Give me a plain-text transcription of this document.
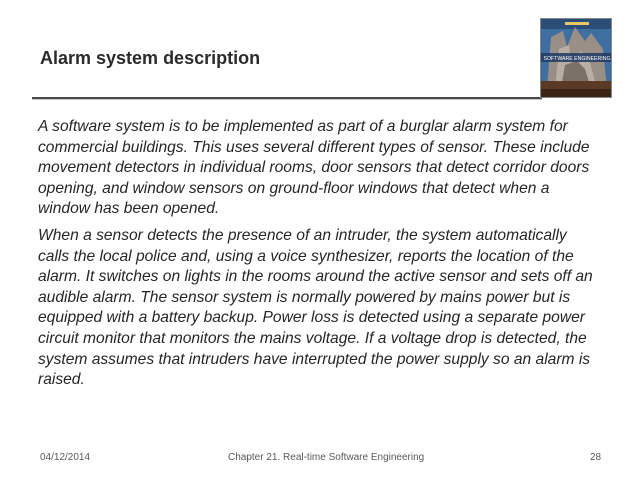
Alarm system description	SOFTWARE ENGINEERING

A software system is to be implemented as part of a burglar alarm system for commercial buildings. This uses several different types of sensor. These include movement detectors in individual rooms, door sensors that detect corridor doors opening, and window sensors on ground-floor windows that detect when a window has been opened.

When a sensor detects the presence of an intruder, the system automatically calls the local police and, using a voice synthesizer, reports the location of the alarm. It switches on lights in the rooms around the active sensor and sets off an audible alarm. The sensor system is normally powered by mains power but is equipped with a battery backup. Power loss is detected using a separate power circuit monitor that monitors the mains voltage. If a voltage drop is detected, the system assumes that intruders have interrupted the power supply so an alarm is raised.

04/12/2014	Chapter 21. Real-time Software Engineering	28
